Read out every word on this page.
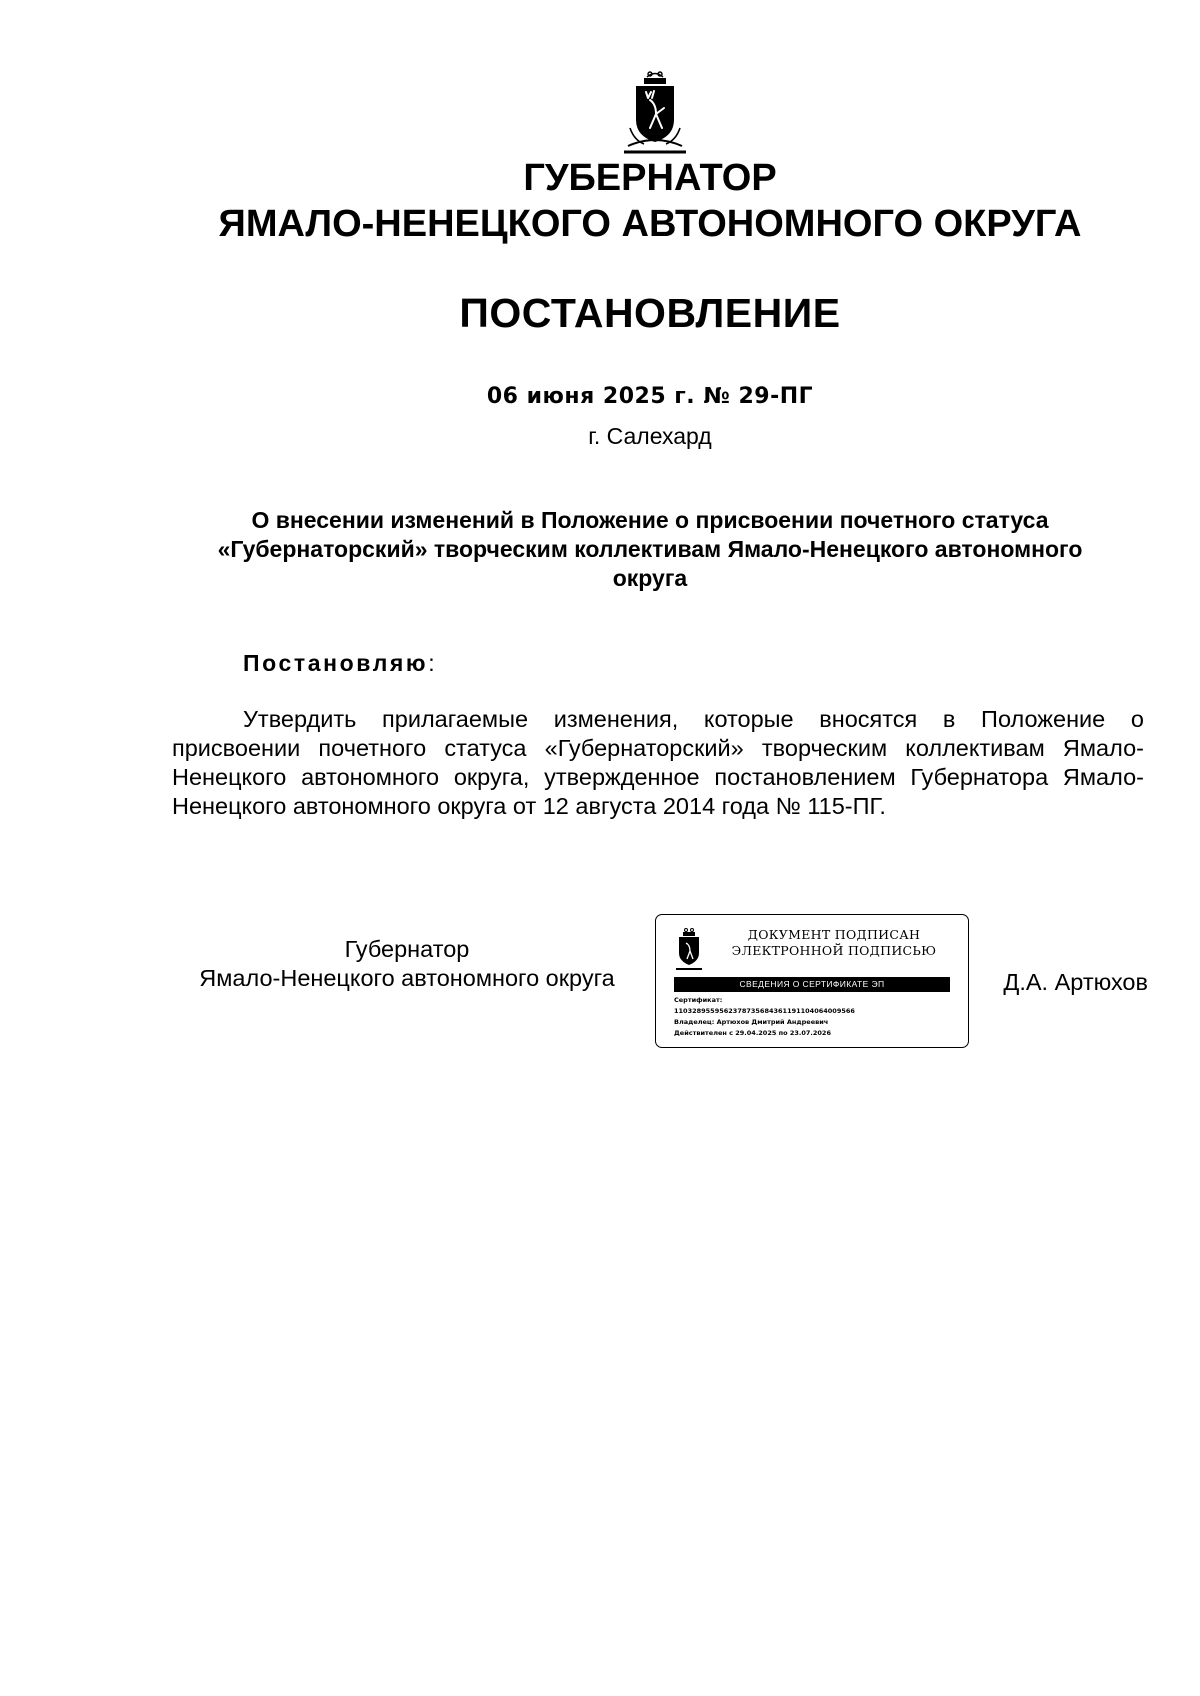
ГУБЕРНАТОР
ЯМАЛО-НЕНЕЦКОГО АВТОНОМНОГО ОКРУГА
ПОСТАНОВЛЕНИЕ
06 июня 2025 г. № 29-ПГ
г. Салехард
О внесении изменений в Положение о присвоении почетного статуса «Губернаторский» творческим коллективам Ямало-Ненецкого автономного округа
Постановляю:
Утвердить прилагаемые изменения, которые вносятся в Положение о присвоении почетного статуса «Губернаторский» творческим коллективам Ямало-Ненецкого автономного округа, утвержденное постановлением Губернатора Ямало-Ненецкого автономного округа от 12 августа 2014 года № 115-ПГ.
Губернатор
Ямало-Ненецкого автономного округа
ДОКУМЕНТ ПОДПИСАН
ЭЛЕКТРОННОЙ ПОДПИСЬЮ
СВЕДЕНИЯ О СЕРТИФИКАТЕ ЭП
Сертификат:
1103289559562378735684361191104064009566
Владелец: Артюхов Дмитрий Андреевич
Действителен с 29.04.2025 по 23.07.2026
Д.А. Артюхов
